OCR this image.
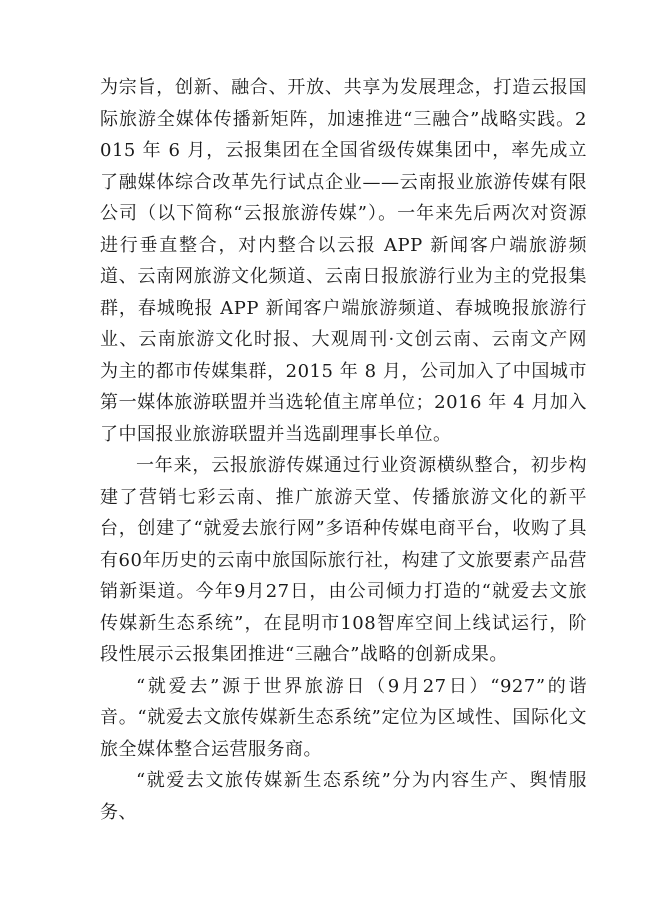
为宗旨，创新、融合、开放、共享为发展理念，打造云报国际旅游全媒体传播新矩阵，加速推进“三融合”战略实践。2015 年 6 月，云报集团在全国省级传媒集团中，率先成立了融媒体综合改革先行试点企业——云南报业旅游传媒有限公司（以下简称“云报旅游传媒”）。一年来先后两次对资源进行垂直整合，对内整合以云报 APP 新闻客户端旅游频道、云南网旅游文化频道、云南日报旅游行业为主的党报集群，春城晚报 APP 新闻客户端旅游频道、春城晚报旅游行业、云南旅游文化时报、大观周刊·文创云南、云南文产网为主的都市传媒集群，2015 年 8 月，公司加入了中国城市第一媒体旅游联盟并当选轮值主席单位；2016 年 4 月加入了中国报业旅游联盟并当选副理事长单位。

一年来，云报旅游传媒通过行业资源横纵整合，初步构建了营销七彩云南、推广旅游天堂、传播旅游文化的新平台，创建了“就爱去旅行网”多语种传媒电商平台，收购了具有60年历史的云南中旅国际旅行社，构建了文旅要素产品营销新渠道。今年9月27日，由公司倾力打造的“就爱去文旅传媒新生态系统”，在昆明市108智库空间上线试运行，阶段性展示云报集团推进“三融合”战略的创新成果。

“就爱去”源于世界旅游日（9月27日）“927”的谐音。“就爱去文旅传媒新生态系统”定位为区域性、国际化文旅全媒体整合运营服务商。

“就爱去文旅传媒新生态系统”分为内容生产、舆情服务、
